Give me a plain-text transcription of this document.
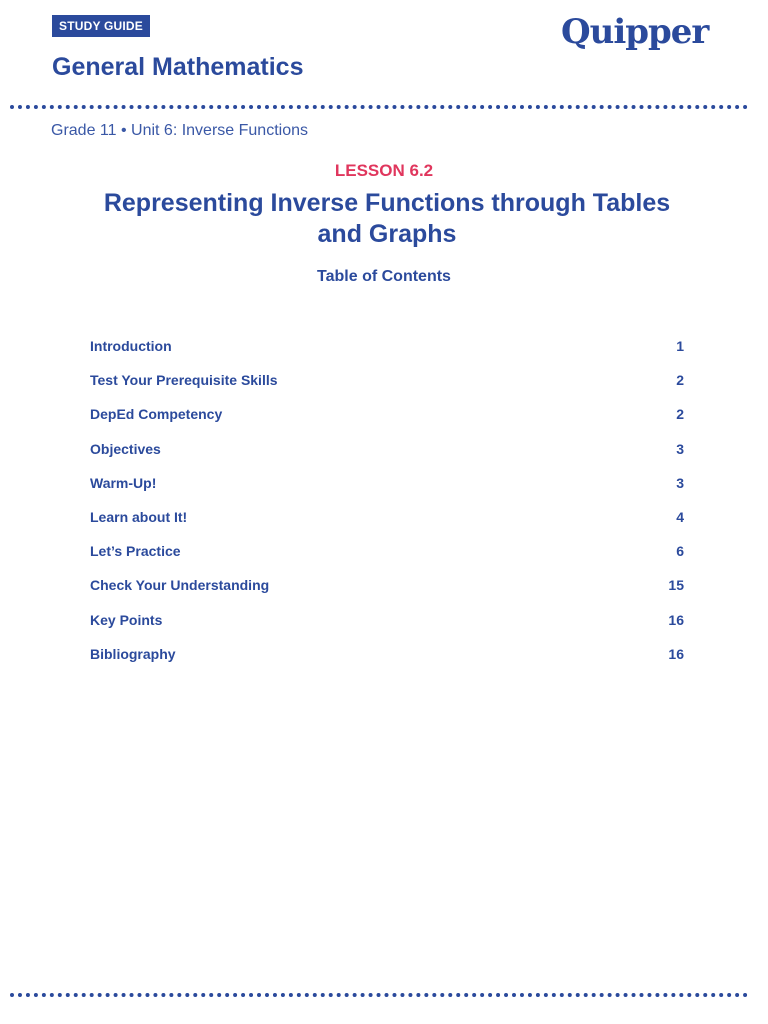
STUDY GUIDE	Quipper
General Mathematics
Grade 11 • Unit 6: Inverse Functions
LESSON 6.2
Representing Inverse Functions through Tables and Graphs
Table of Contents
Introduction	1
Test Your Prerequisite Skills	2
DepEd Competency	2
Objectives	3
Warm-Up!	3
Learn about It!	4
Let’s Practice	6
Check Your Understanding	15
Key Points	16
Bibliography	16
